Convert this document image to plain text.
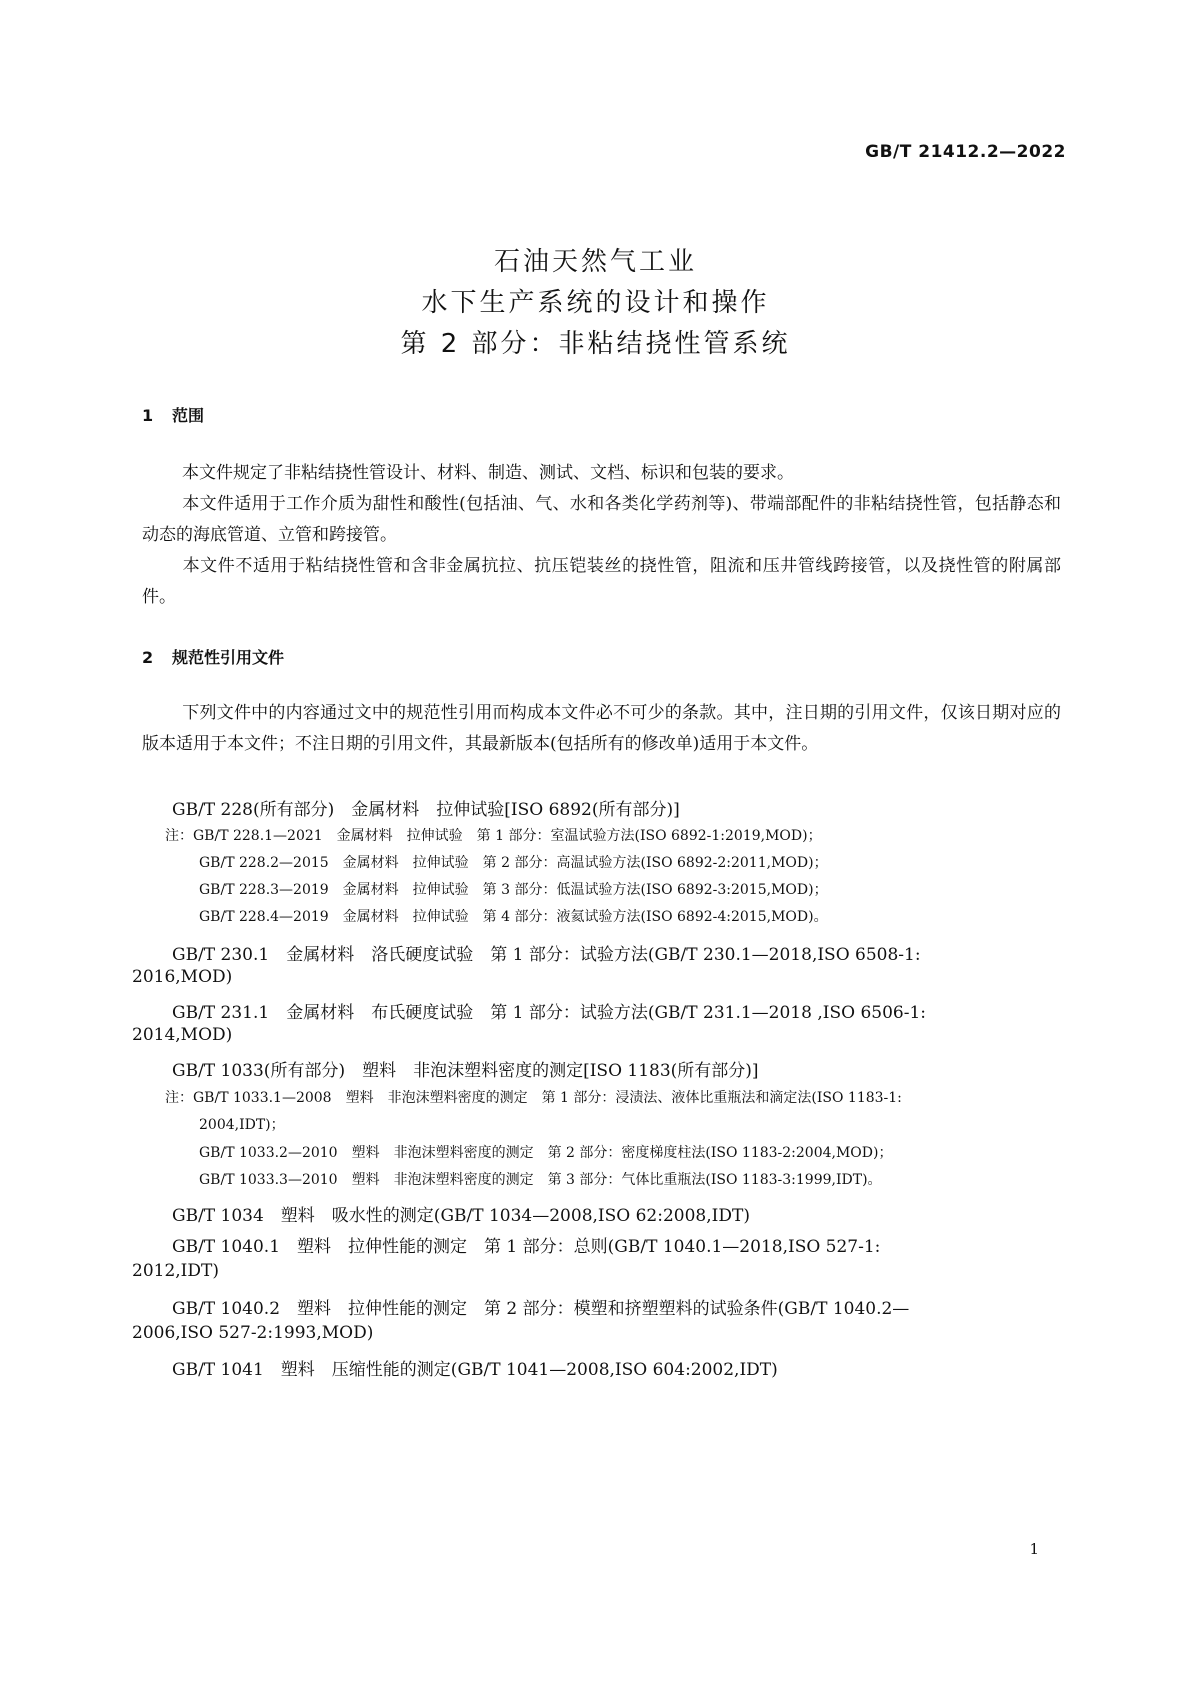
GB/T 21412.2—2022
石油天然气工业
水下生产系统的设计和操作
第 2 部分：非粘结挠性管系统
1 范围
本文件规定了非粘结挠性管设计、材料、制造、测试、文档、标识和包装的要求。
本文件适用于工作介质为甜性和酸性(包括油、气、水和各类化学药剂等)、带端部配件的非粘结挠性管，包括静态和动态的海底管道、立管和跨接管。
本文件不适用于粘结挠性管和含非金属抗拉、抗压铠装丝的挠性管，阻流和压井管线跨接管，以及挠性管的附属部件。
2 规范性引用文件
下列文件中的内容通过文中的规范性引用而构成本文件必不可少的条款。其中，注日期的引用文件，仅该日期对应的版本适用于本文件；不注日期的引用文件，其最新版本(包括所有的修改单)适用于本文件。
GB/T 228(所有部分)　金属材料　拉伸试验[ISO 6892(所有部分)]
注：GB/T 228.1—2021　金属材料　拉伸试验　第 1 部分：室温试验方法(ISO 6892-1:2019,MOD)；
GB/T 228.2—2015　金属材料　拉伸试验　第 2 部分：高温试验方法(ISO 6892-2:2011,MOD)；
GB/T 228.3—2019　金属材料　拉伸试验　第 3 部分：低温试验方法(ISO 6892-3:2015,MOD)；
GB/T 228.4—2019　金属材料　拉伸试验　第 4 部分：液氦试验方法(ISO 6892-4:2015,MOD)。
GB/T 230.1　金属材料　洛氏硬度试验　第 1 部分：试验方法(GB/T 230.1—2018,ISO 6508-1:
2016,MOD)
GB/T 231.1　金属材料　布氏硬度试验　第 1 部分：试验方法(GB/T 231.1—2018 ,ISO 6506-1:
2014,MOD)
GB/T 1033(所有部分)　塑料　非泡沫塑料密度的测定[ISO 1183(所有部分)]
注：GB/T 1033.1—2008　塑料　非泡沫塑料密度的测定　第 1 部分：浸渍法、液体比重瓶法和滴定法(ISO 1183-1:
2004,IDT)；
GB/T 1033.2—2010　塑料　非泡沫塑料密度的测定　第 2 部分：密度梯度柱法(ISO 1183-2:2004,MOD)；
GB/T 1033.3—2010　塑料　非泡沫塑料密度的测定　第 3 部分：气体比重瓶法(ISO 1183-3:1999,IDT)。
GB/T 1034　塑料　吸水性的测定(GB/T 1034—2008,ISO 62:2008,IDT)
GB/T 1040.1　塑料　拉伸性能的测定　第 1 部分：总则(GB/T 1040.1—2018,ISO 527-1:
2012,IDT)
GB/T 1040.2　塑料　拉伸性能的测定　第 2 部分：模塑和挤塑塑料的试验条件(GB/T 1040.2—
2006,ISO 527-2:1993,MOD)
GB/T 1041　塑料　压缩性能的测定(GB/T 1041—2008,ISO 604:2002,IDT)
1
